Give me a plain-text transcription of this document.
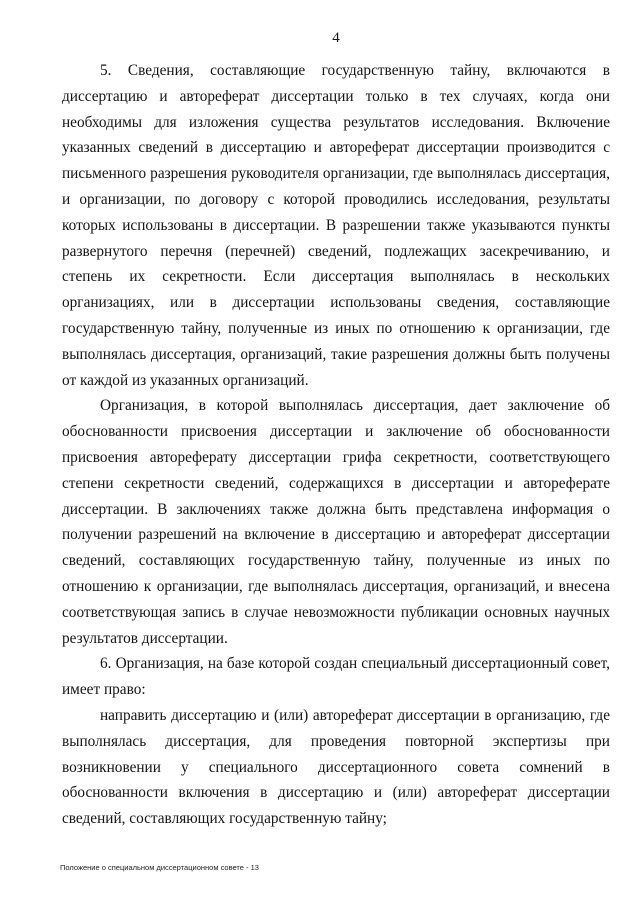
4

5. Сведения, составляющие государственную тайну, включаются в диссертацию и автореферат диссертации только в тех случаях, когда они необходимы для изложения существа результатов исследования. Включение указанных сведений в диссертацию и автореферат диссертации производится с письменного разрешения руководителя организации, где выполнялась диссертация, и организации, по договору с которой проводились исследования, результаты которых использованы в диссертации. В разрешении также указываются пункты развернутого перечня (перечней) сведений, подлежащих засекречиванию, и степень их секретности. Если диссертация выполнялась в нескольких организациях, или в диссертации использованы сведения, составляющие государственную тайну, полученные из иных по отношению к организации, где выполнялась диссертация, организаций, такие разрешения должны быть получены от каждой из указанных организаций.

Организация, в которой выполнялась диссертация, дает заключение об обоснованности присвоения диссертации и заключение об обоснованности присвоения автореферату диссертации грифа секретности, соответствующего степени секретности сведений, содержащихся в диссертации и автореферате диссертации. В заключениях также должна быть представлена информация о получении разрешений на включение в диссертацию и автореферат диссертации сведений, составляющих государственную тайну, полученные из иных по отношению к организации, где выполнялась диссертация, организаций, и внесена соответствующая запись в случае невозможности публикации основных научных результатов диссертации.

6. Организация, на базе которой создан специальный диссертационный совет, имеет право:

направить диссертацию и (или) автореферат диссертации в организацию, где выполнялась диссертация, для проведения повторной экспертизы при возникновении у специального диссертационного совета сомнений в обоснованности включения в диссертацию и (или) автореферат диссертации сведений, составляющих государственную тайну;

Положение о специальном диссертационном совете - 13
